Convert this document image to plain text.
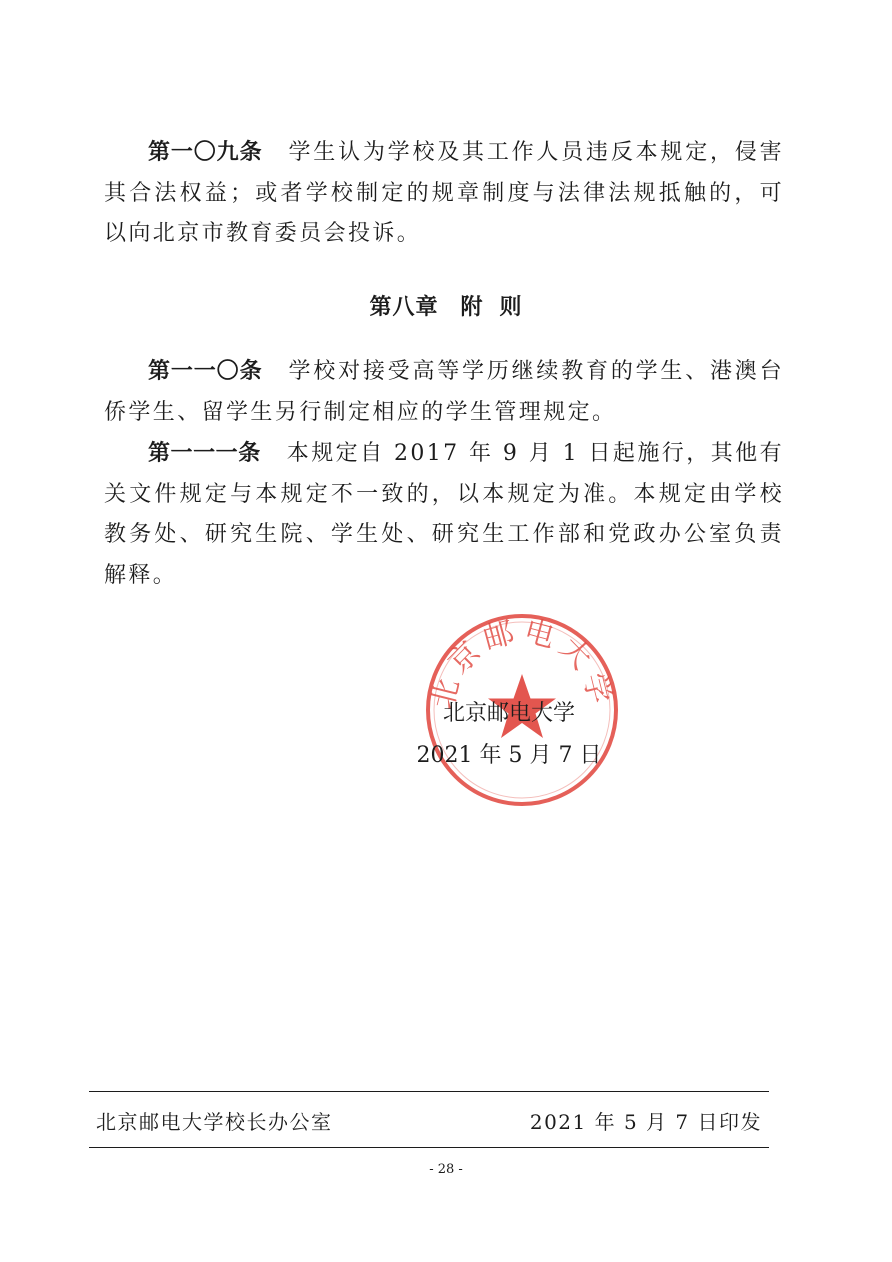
第一〇九条 学生认为学校及其工作人员违反本规定，侵害其合法权益；或者学校制定的规章制度与法律法规抵触的，可以向北京市教育委员会投诉。

第八章 附 则

第一一〇条 学校对接受高等学历继续教育的学生、港澳台侨学生、留学生另行制定相应的学生管理规定。

第一一一条 本规定自 2017 年 9 月 1 日起施行，其他有关文件规定与本规定不一致的，以本规定为准。本规定由学校教务处、研究生院、学生处、研究生工作部和党政办公室负责解释。

北京邮电大学

北京邮电大学

2021 年 5 月 7 日

北京邮电大学校长办公室	2021 年 5 月 7 日印发

- 28 -
